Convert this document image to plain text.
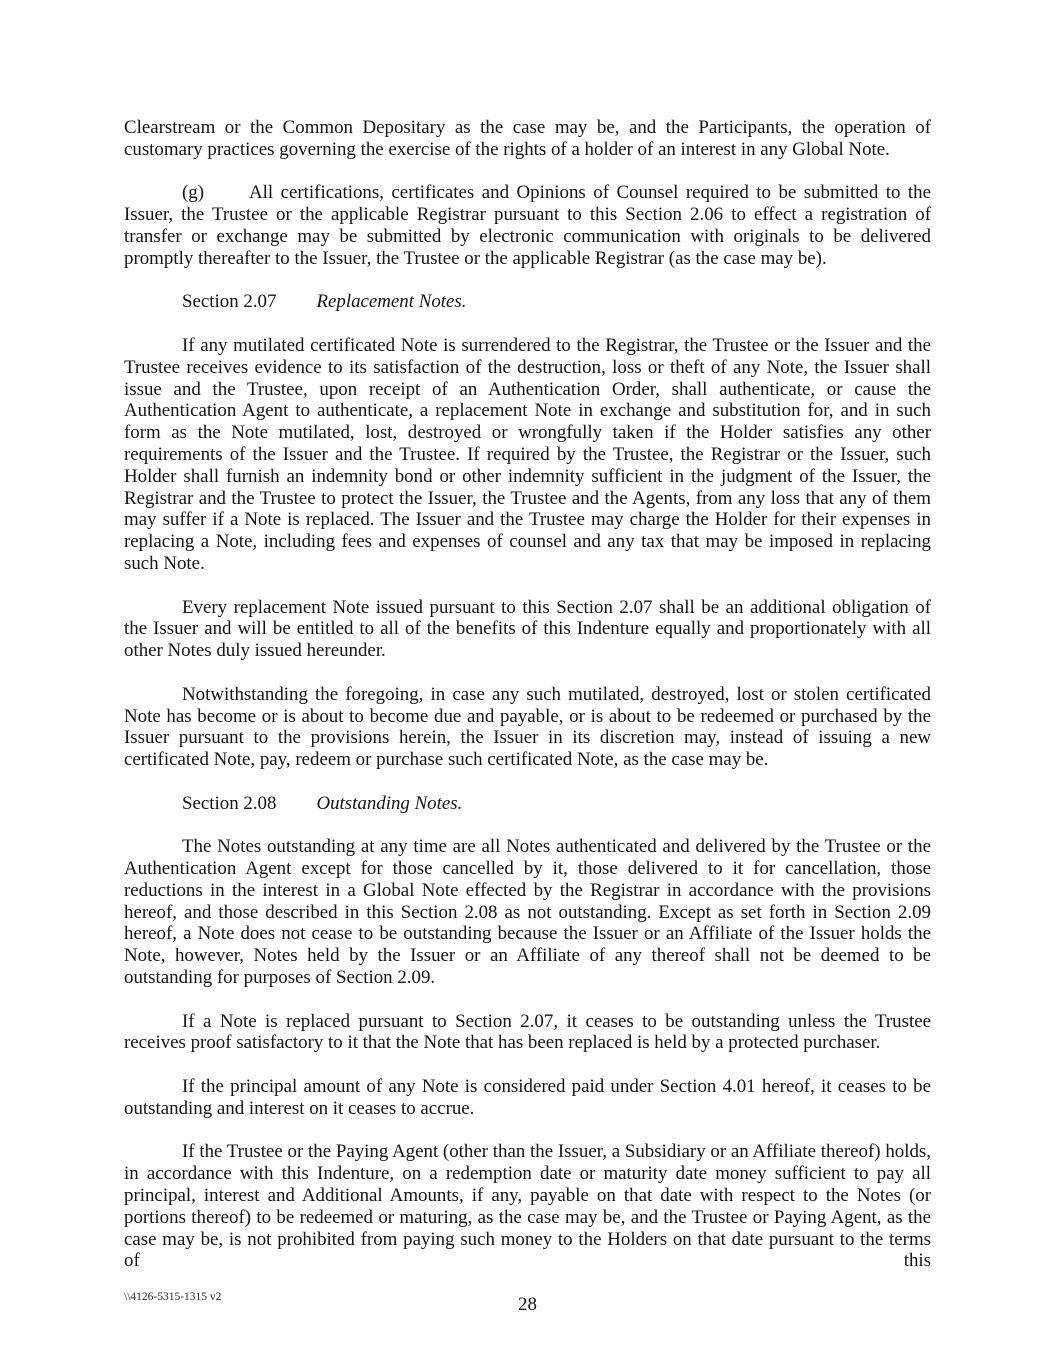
Clearstream or the Common Depositary as the case may be, and the Participants, the operation of customary practices governing the exercise of the rights of a holder of an interest in any Global Note.

(g) All certifications, certificates and Opinions of Counsel required to be submitted to the Issuer, the Trustee or the applicable Registrar pursuant to this Section 2.06 to effect a registration of transfer or exchange may be submitted by electronic communication with originals to be delivered promptly thereafter to the Issuer, the Trustee or the applicable Registrar (as the case may be).

Section 2.07 Replacement Notes.

If any mutilated certificated Note is surrendered to the Registrar, the Trustee or the Issuer and the Trustee receives evidence to its satisfaction of the destruction, loss or theft of any Note, the Issuer shall issue and the Trustee, upon receipt of an Authentication Order, shall authenticate, or cause the Authentication Agent to authenticate, a replacement Note in exchange and substitution for, and in such form as the Note mutilated, lost, destroyed or wrongfully taken if the Holder satisfies any other requirements of the Issuer and the Trustee. If required by the Trustee, the Registrar or the Issuer, such Holder shall furnish an indemnity bond or other indemnity sufficient in the judgment of the Issuer, the Registrar and the Trustee to protect the Issuer, the Trustee and the Agents, from any loss that any of them may suffer if a Note is replaced. The Issuer and the Trustee may charge the Holder for their expenses in replacing a Note, including fees and expenses of counsel and any tax that may be imposed in replacing such Note.

Every replacement Note issued pursuant to this Section 2.07 shall be an additional obligation of the Issuer and will be entitled to all of the benefits of this Indenture equally and proportionately with all other Notes duly issued hereunder.

Notwithstanding the foregoing, in case any such mutilated, destroyed, lost or stolen certificated Note has become or is about to become due and payable, or is about to be redeemed or purchased by the Issuer pursuant to the provisions herein, the Issuer in its discretion may, instead of issuing a new certificated Note, pay, redeem or purchase such certificated Note, as the case may be.

Section 2.08 Outstanding Notes.

The Notes outstanding at any time are all Notes authenticated and delivered by the Trustee or the Authentication Agent except for those cancelled by it, those delivered to it for cancellation, those reductions in the interest in a Global Note effected by the Registrar in accordance with the provisions hereof, and those described in this Section 2.08 as not outstanding. Except as set forth in Section 2.09 hereof, a Note does not cease to be outstanding because the Issuer or an Affiliate of the Issuer holds the Note, however, Notes held by the Issuer or an Affiliate of any thereof shall not be deemed to be outstanding for purposes of Section 2.09.

If a Note is replaced pursuant to Section 2.07, it ceases to be outstanding unless the Trustee receives proof satisfactory to it that the Note that has been replaced is held by a protected purchaser.

If the principal amount of any Note is considered paid under Section 4.01 hereof, it ceases to be outstanding and interest on it ceases to accrue.

If the Trustee or the Paying Agent (other than the Issuer, a Subsidiary or an Affiliate thereof) holds, in accordance with this Indenture, on a redemption date or maturity date money sufficient to pay all principal, interest and Additional Amounts, if any, payable on that date with respect to the Notes (or portions thereof) to be redeemed or maturing, as the case may be, and the Trustee or Paying Agent, as the case may be, is not prohibited from paying such money to the Holders on that date pursuant to the terms of this

28
\\4126-5315-1315 v2
